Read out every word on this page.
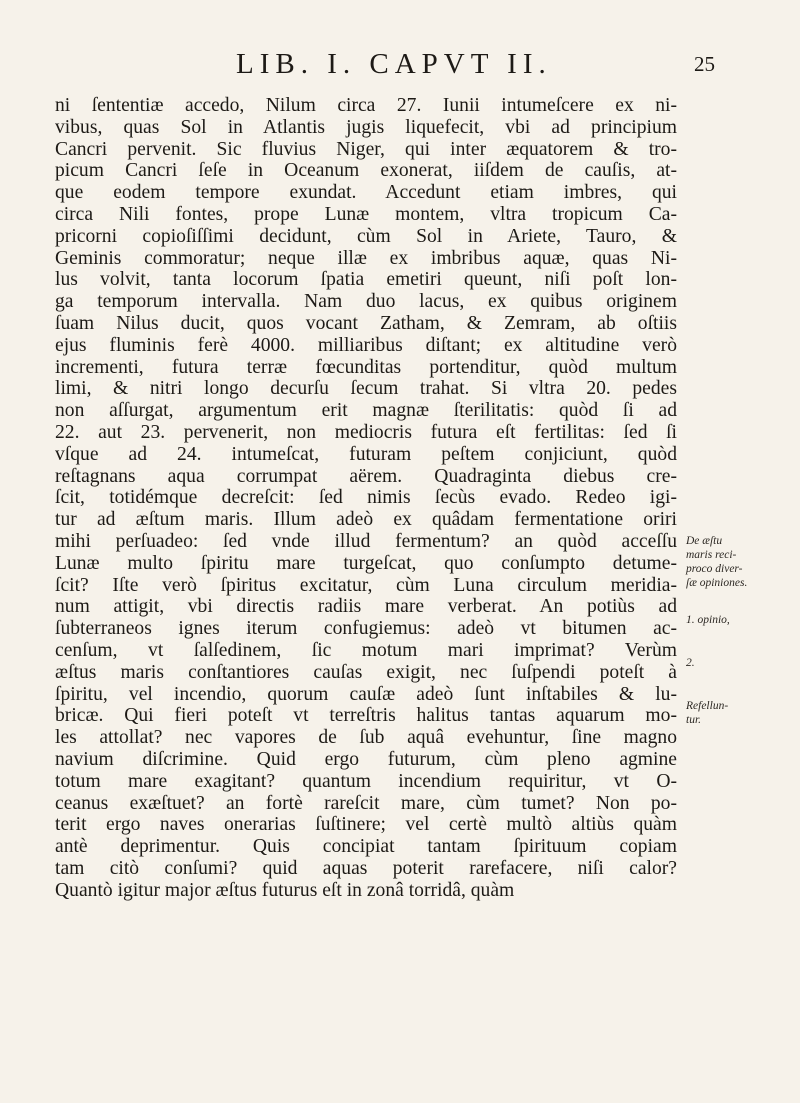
LIB. I. CAPVT II.	25
ni ſententiæ accedo, Nilum circa 27. Iunii intumeſcere ex ni-
vibus, quas Sol in Atlantis jugis liquefecit, vbi ad principium
Cancri pervenit. Sic fluvius Niger, qui inter æquatorem & tro-
picum Cancri ſeſe in Oceanum exonerat, iiſdem de cauſis, at-
que eodem tempore exundat. Accedunt etiam imbres, qui
circa Nili fontes, prope Lunæ montem, vltra tropicum Ca-
pricorni copioſiſſimi decidunt, cùm Sol in Ariete, Tauro, &
Geminis commoratur; neque illæ ex imbribus aquæ, quas Ni-
lus volvit, tanta locorum ſpatia emetiri queunt, niſi poſt lon-
ga temporum intervalla. Nam duo lacus, ex quibus originem
ſuam Nilus ducit, quos vocant Zatham, & Zemram, ab oſtiis
ejus fluminis ferè 4000. milliaribus diſtant; ex altitudine verò
incrementi, futura terræ fœcunditas portenditur, quòd multum
limi, & nitri longo decurſu ſecum trahat. Si vltra 20. pedes
non aſſurgat, argumentum erit magnæ ſterilitatis: quòd ſi ad
22. aut 23. pervenerit, non mediocris futura eſt fertilitas: ſed ſi
vſque ad 24. intumeſcat, futuram peſtem conjiciunt, quòd
reſtagnans aqua corrumpat aërem. Quadraginta diebus cre-
ſcit, totidémque decreſcit: ſed nimis ſecùs evado. Redeo igi-
tur ad æſtum maris. Illum adeò ex quâdam fermentatione oriri
mihi perſuadeo: ſed vnde illud fermentum? an quòd acceſſu
Lunæ multo ſpiritu mare turgeſcat, quo conſumpto detume-
ſcit? Iſte verò ſpiritus excitatur, cùm Luna circulum meridia-
num attigit, vbi directis radiis mare verberat. An potiùs ad
ſubterraneos ignes iterum confugiemus: adeò vt bitumen ac-
cenſum, vt ſalſedinem, ſic motum mari imprimat? Verùm
æſtus maris conſtantiores cauſas exigit, nec ſuſpendi poteſt à
ſpiritu, vel incendio, quorum cauſæ adeò ſunt inſtabiles & lu-
bricæ. Qui fieri poteſt vt terreſtris halitus tantas aquarum mo-
les attollat? nec vapores de ſub aquâ evehuntur, ſine magno
navium diſcrimine. Quid ergo futurum, cùm pleno agmine
totum mare exagitant? quantum incendium requiritur, vt O-
ceanus exæſtuet? an fortè rareſcit mare, cùm tumet? Non po-
terit ergo naves onerarias ſuſtinere; vel certè multò altiùs quàm
antè deprimentur. Quis concipiat tantam ſpirituum copiam
tam citò conſumi? quid aquas poterit rarefacere, niſi calor?
Quantò igitur major æſtus futurus eſt in zonâ torridâ, quàm
De æſtu
maris reci-
proco diver-
ſæ opiniones.
1. opinio,
2.
Refellun-
tur.
